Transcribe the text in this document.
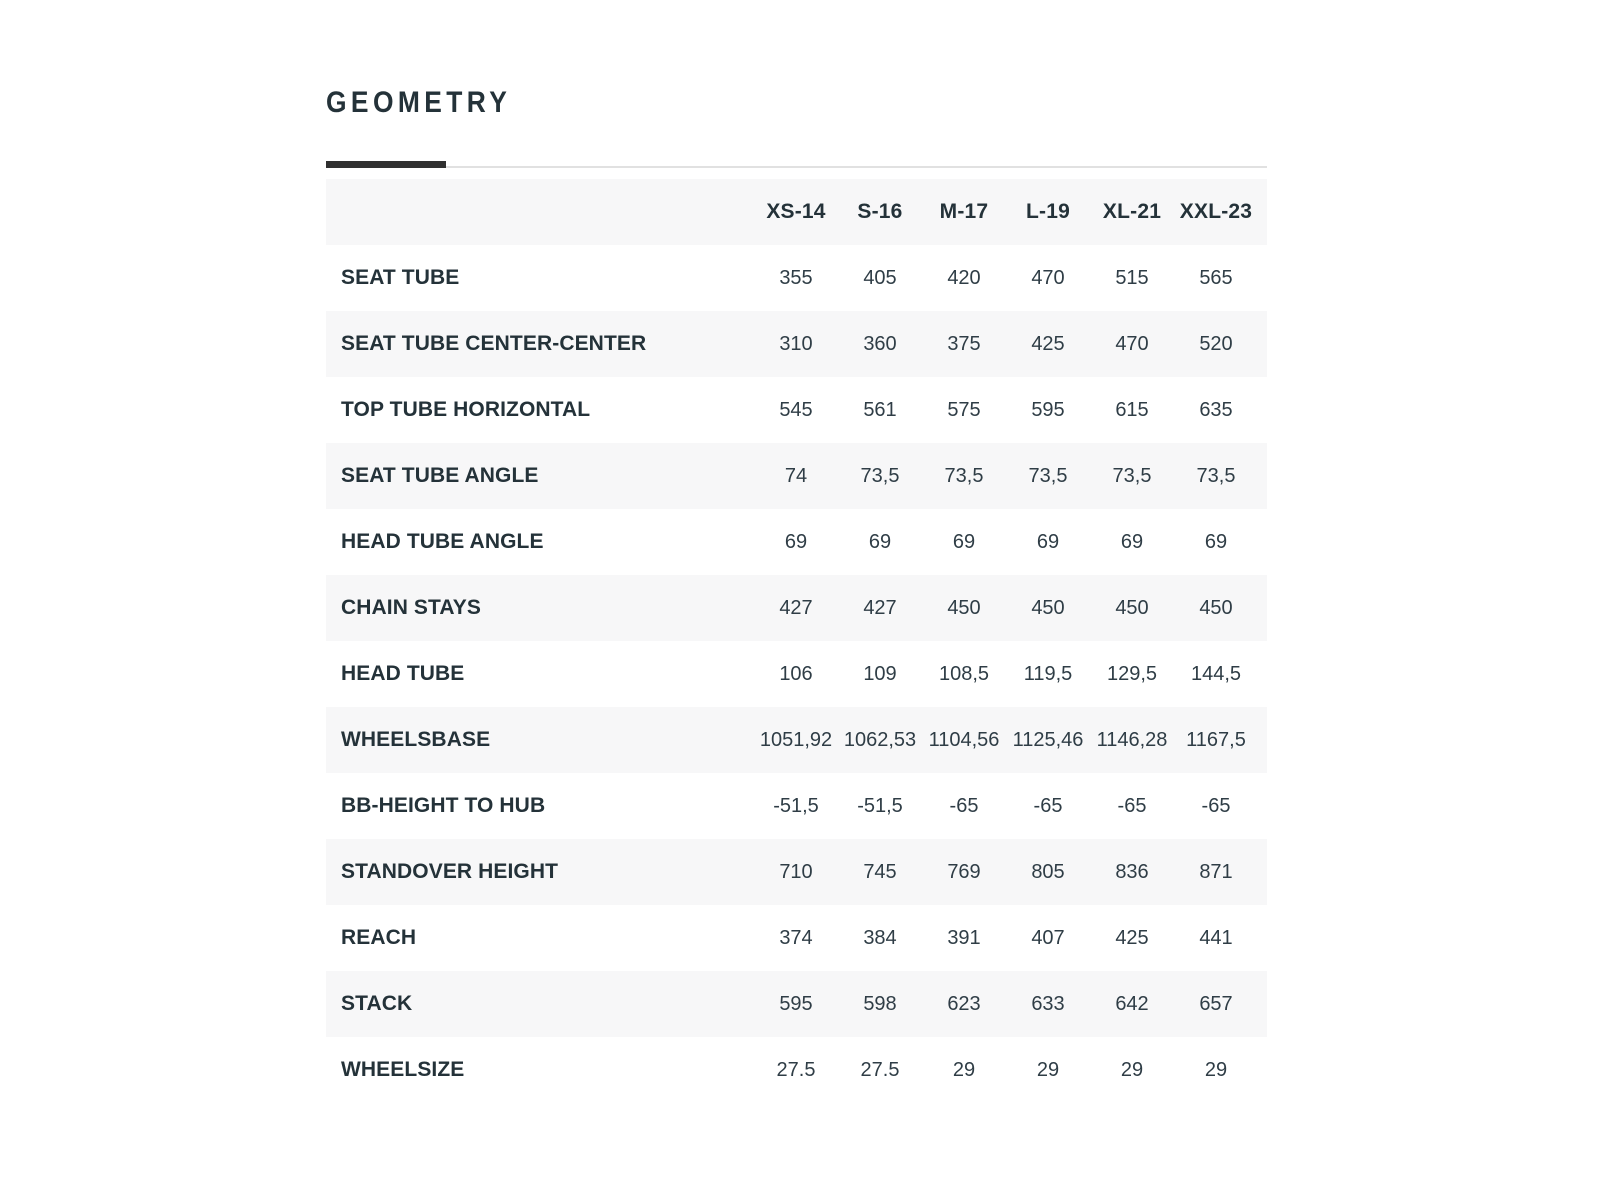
GEOMETRY
	XS-14	S-16	M-17	L-19	XL-21	XXL-23
SEAT TUBE	355	405	420	470	515	565
SEAT TUBE CENTER-CENTER	310	360	375	425	470	520
TOP TUBE HORIZONTAL	545	561	575	595	615	635
SEAT TUBE ANGLE	74	73,5	73,5	73,5	73,5	73,5
HEAD TUBE ANGLE	69	69	69	69	69	69
CHAIN STAYS	427	427	450	450	450	450
HEAD TUBE	106	109	108,5	119,5	129,5	144,5
WHEELSBASE	1051,92	1062,53	1104,56	1125,46	1146,28	1167,5
BB-HEIGHT TO HUB	-51,5	-51,5	-65	-65	-65	-65
STANDOVER HEIGHT	710	745	769	805	836	871
REACH	374	384	391	407	425	441
STACK	595	598	623	633	642	657
WHEELSIZE	27.5	27.5	29	29	29	29
